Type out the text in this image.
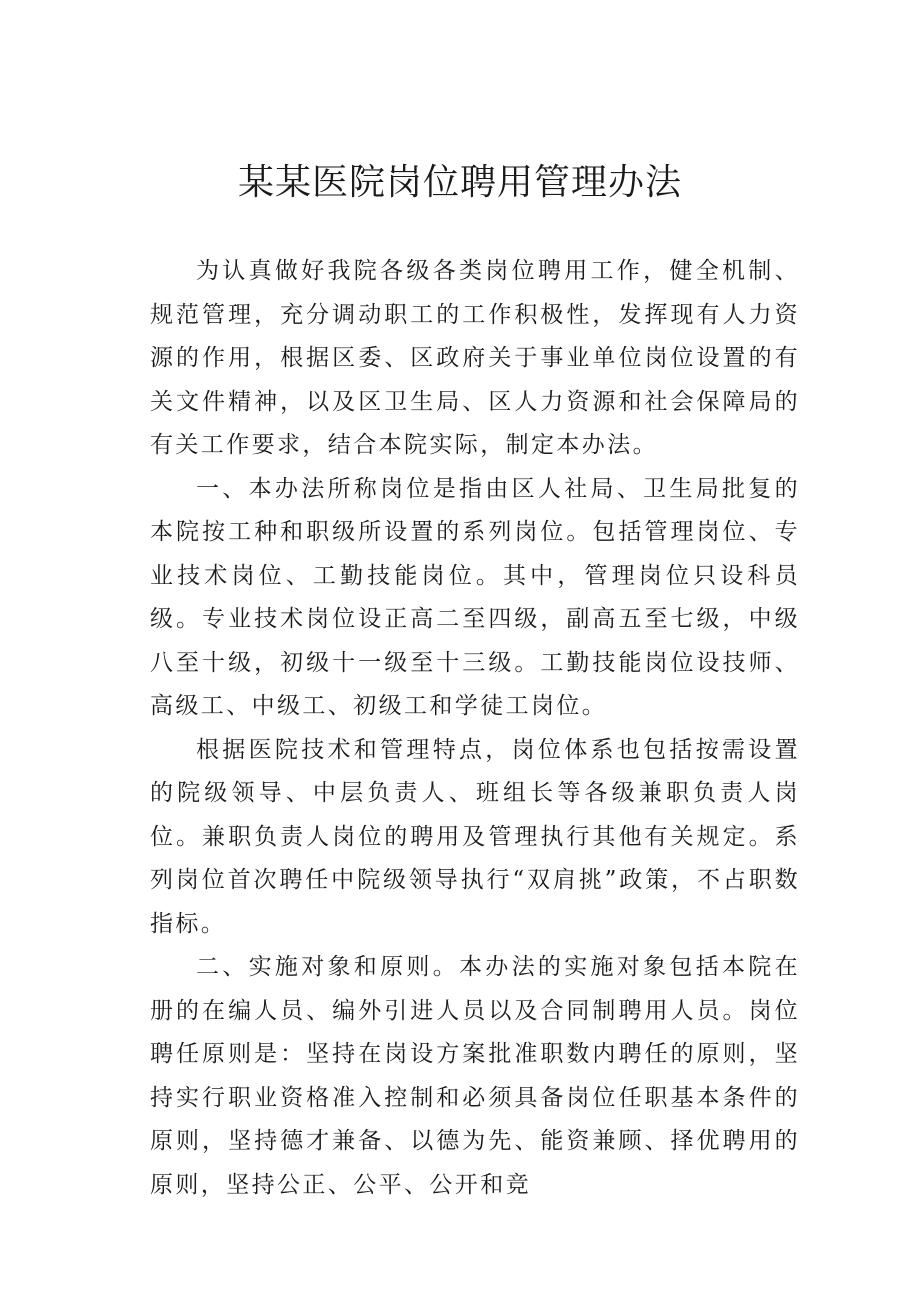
某某医院岗位聘用管理办法

为认真做好我院各级各类岗位聘用工作，健全机制、规范管理，充分调动职工的工作积极性，发挥现有人力资源的作用，根据区委、区政府关于事业单位岗位设置的有关文件精神，以及区卫生局、区人力资源和社会保障局的有关工作要求，结合本院实际，制定本办法。

一、本办法所称岗位是指由区人社局、卫生局批复的本院按工种和职级所设置的系列岗位。包括管理岗位、专业技术岗位、工勤技能岗位。其中，管理岗位只设科员级。专业技术岗位设正高二至四级，副高五至七级，中级八至十级，初级十一级至十三级。工勤技能岗位设技师、高级工、中级工、初级工和学徒工岗位。

根据医院技术和管理特点，岗位体系也包括按需设置的院级领导、中层负责人、班组长等各级兼职负责人岗位。兼职负责人岗位的聘用及管理执行其他有关规定。系列岗位首次聘任中院级领导执行“双肩挑”政策，不占职数指标。

二、实施对象和原则。本办法的实施对象包括本院在册的在编人员、编外引进人员以及合同制聘用人员。岗位聘任原则是：坚持在岗设方案批准职数内聘任的原则，坚持实行职业资格准入控制和必须具备岗位任职基本条件的原则，坚持德才兼备、以德为先、能资兼顾、择优聘用的原则，坚持公正、公平、公开和竞
